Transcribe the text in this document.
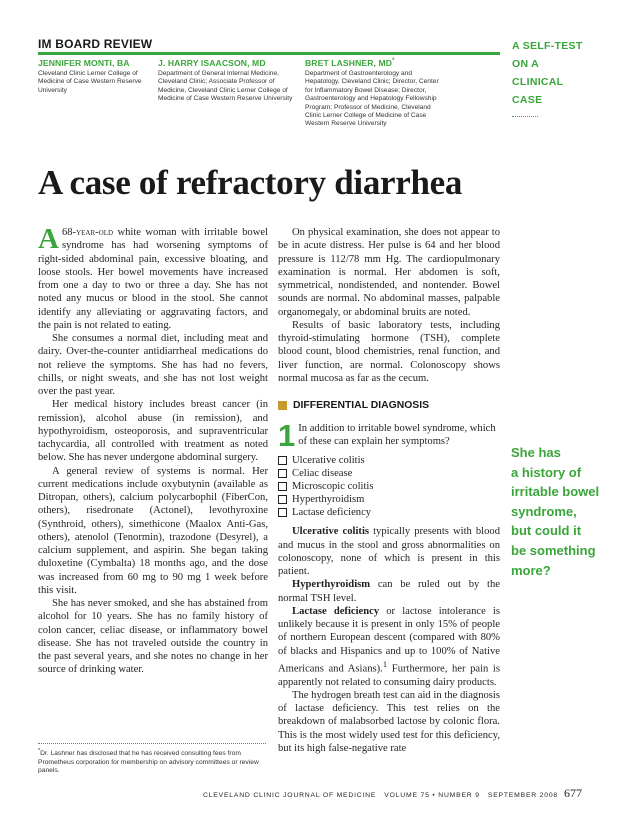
IM BOARD REVIEW	A SELF-TEST
ON A
CLINICAL
CASE
JENNIFER MONTI, BA
Cleveland Clinic Lerner College of Medicine of Case Western Reserve University
J. HARRY ISAACSON, MD
Department of General Internal Medicine, Cleveland Clinic; Associate Professor of Medicine, Cleveland Clinic Lerner College of Medicine of Case Western Reserve University
BRET LASHNER, MD*
Department of Gastroenterology and Hepatology, Cleveland Clinic; Director, Center for Inflammatory Bowel Disease; Director, Gastroenterology and Hepatology Fellowship Program; Professor of Medicine, Cleveland Clinic Lerner College of Medicine of Case Western Reserve University
A case of refractory diarrhea

A 68-year-old white woman with irritable bowel syndrome has had worsening symptoms of right-sided abdominal pain, excessive bloating, and loose stools. Her bowel movements have increased from one a day to two or three a day. She has not noted any mucus or blood in the stool. She cannot identify any alleviating or aggravating factors, and the pain is not related to eating.

She consumes a normal diet, including meat and dairy. Over-the-counter antidiarrheal medications do not relieve the symptoms. She has had no fevers, chills, or night sweats, and she has not lost weight over the past year.

Her medical history includes breast cancer (in remission), alcohol abuse (in remission), and hypothyroidism, osteoporosis, and supraventricular tachycardia, all controlled with treatment as noted below. She has never undergone abdominal surgery.

A general review of systems is normal. Her current medications include oxybutynin (available as Ditropan, others), calcium polycarbophil (FiberCon, others), risedronate (Actonel), levothyroxine (Synthroid, others), simethicone (Maalox Anti-Gas, others), atenolol (Tenormin), trazodone (Desyrel), a calcium supplement, and aspirin. She began taking duloxetine (Cymbalta) 18 months ago, and the dose was increased from 60 mg to 90 mg 1 week before this visit.

She has never smoked, and she has abstained from alcohol for 10 years. She has no family history of colon cancer, celiac disease, or inflammatory bowel disease. She has not traveled outside the country in the past several years, and she notes no change in her source of drinking water.

On physical examination, she does not appear to be in acute distress. Her pulse is 64 and her blood pressure is 112/78 mm Hg. The cardiopulmonary examination is normal. Her abdomen is soft, symmetrical, nondistended, and nontender. Bowel sounds are normal. No abdominal masses, palpable organomegaly, or abdominal bruits are noted.

Results of basic laboratory tests, including thyroid-stimulating hormone (TSH), complete blood count, blood chemistries, renal function, and liver function, are normal. Colonoscopy shows normal mucosa as far as the cecum.

DIFFERENTIAL DIAGNOSIS
1 In addition to irritable bowel syndrome, which of these can explain her symptoms?
Ulcerative colitis
Celiac disease
Microscopic colitis
Hyperthyroidism
Lactase deficiency

Ulcerative colitis typically presents with blood and mucus in the stool and gross abnormalities on colonoscopy, none of which is present in this patient.

Hyperthyroidism can be ruled out by the normal TSH level.

Lactase deficiency or lactose intolerance is unlikely because it is present in only 15% of people of northern European descent (compared with 80% of blacks and Hispanics and up to 100% of Native Americans and Asians).$^1$ Furthermore, her pain is apparently not related to consuming dairy products.

The hydrogen breath test can aid in the diagnosis of lactase deficiency. This test relies on the breakdown of malabsorbed lactose by colonic flora. This is the most widely used test for this deficiency, but its high false-negative rate

She has
a history of
irritable bowel
syndrome,
but could it
be something
more?
*Dr. Lashner has disclosed that he has received consulting fees from Prometheus corporation for membership on advisory committees or review panels.
CLEVELAND CLINIC JOURNAL OF MEDICINE
VOLUME 75
•
NUMBER 9
SEPTEMBER 2008 677
